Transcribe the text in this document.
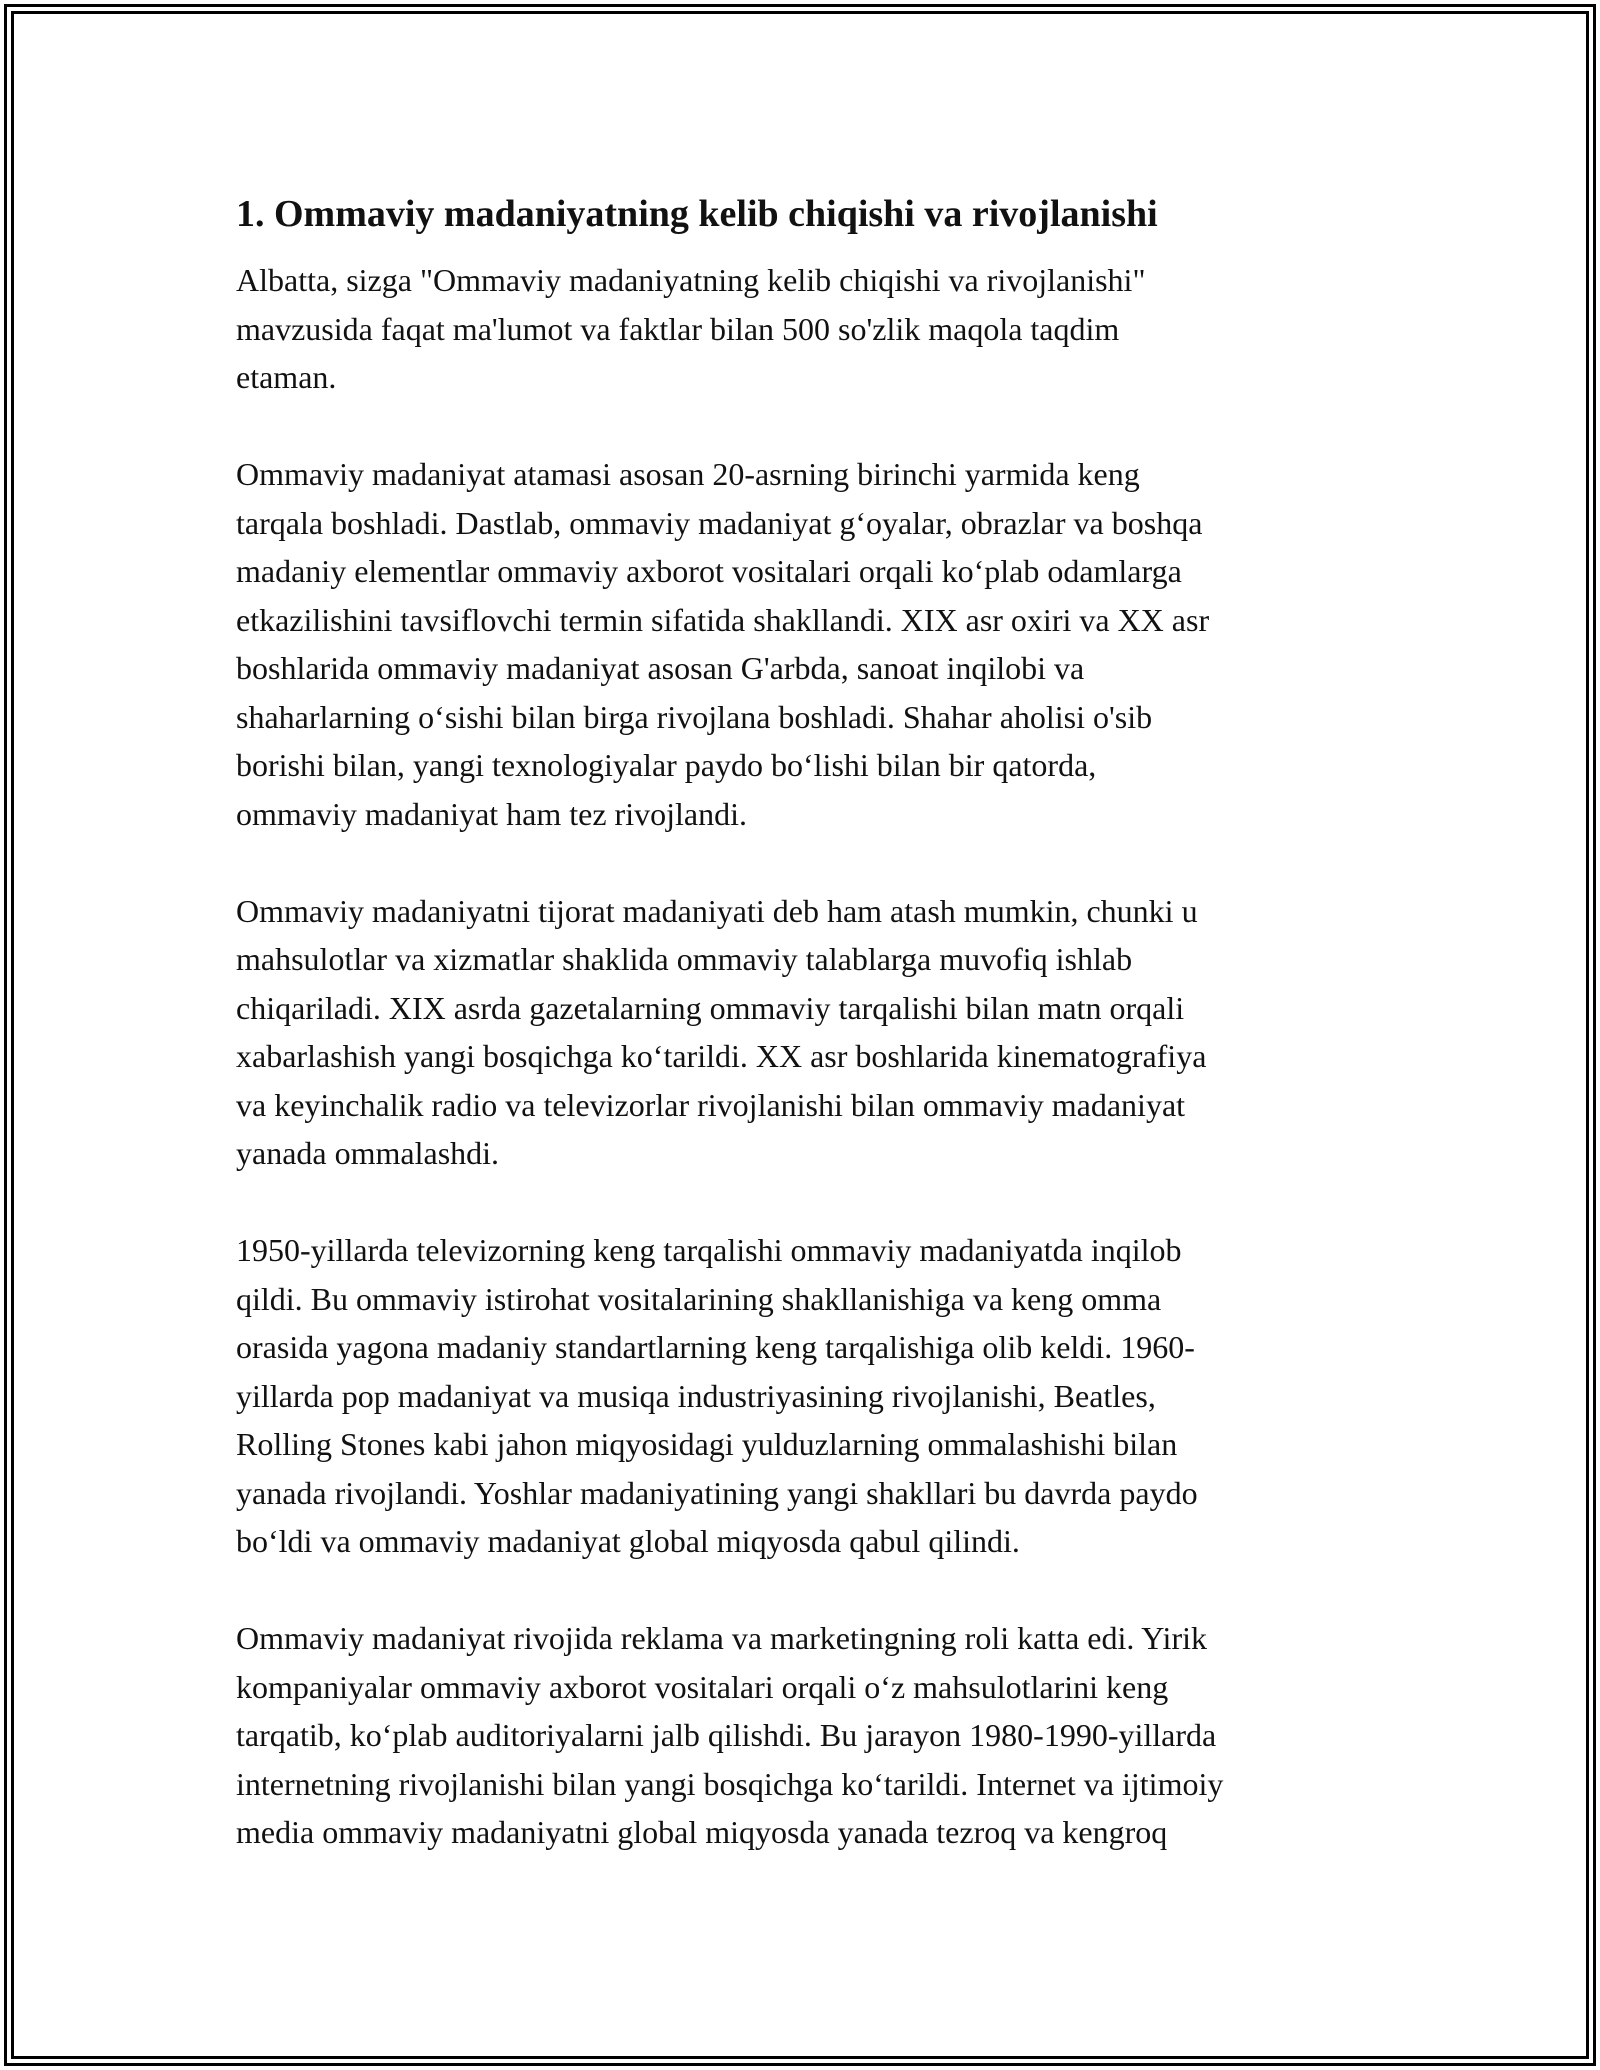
1. Ommaviy madaniyatning kelib chiqishi va rivojlanishi

Albatta, sizga "Ommaviy madaniyatning kelib chiqishi va rivojlanishi"
mavzusida faqat ma'lumot va faktlar bilan 500 so'zlik maqola taqdim
etaman.

Ommaviy madaniyat atamasi asosan 20-asrning birinchi yarmida keng
tarqala boshladi. Dastlab, ommaviy madaniyat g‘oyalar, obrazlar va boshqa
madaniy elementlar ommaviy axborot vositalari orqali ko‘plab odamlarga
etkazilishini tavsiflovchi termin sifatida shakllandi. XIX asr oxiri va XX asr
boshlarida ommaviy madaniyat asosan G'arbda, sanoat inqilobi va
shaharlarning o‘sishi bilan birga rivojlana boshladi. Shahar aholisi o'sib
borishi bilan, yangi texnologiyalar paydo bo‘lishi bilan bir qatorda,
ommaviy madaniyat ham tez rivojlandi.

Ommaviy madaniyatni tijorat madaniyati deb ham atash mumkin, chunki u
mahsulotlar va xizmatlar shaklida ommaviy talablarga muvofiq ishlab
chiqariladi. XIX asrda gazetalarning ommaviy tarqalishi bilan matn orqali
xabarlashish yangi bosqichga ko‘tarildi. XX asr boshlarida kinematografiya
va keyinchalik radio va televizorlar rivojlanishi bilan ommaviy madaniyat
yanada ommalashdi.

1950-yillarda televizorning keng tarqalishi ommaviy madaniyatda inqilob
qildi. Bu ommaviy istirohat vositalarining shakllanishiga va keng omma
orasida yagona madaniy standartlarning keng tarqalishiga olib keldi. 1960-
yillarda pop madaniyat va musiqa industriyasining rivojlanishi, Beatles,
Rolling Stones kabi jahon miqyosidagi yulduzlarning ommalashishi bilan
yanada rivojlandi. Yoshlar madaniyatining yangi shakllari bu davrda paydo
bo‘ldi va ommaviy madaniyat global miqyosda qabul qilindi.

Ommaviy madaniyat rivojida reklama va marketingning roli katta edi. Yirik
kompaniyalar ommaviy axborot vositalari orqali o‘z mahsulotlarini keng
tarqatib, ko‘plab auditoriyalarni jalb qilishdi. Bu jarayon 1980-1990-yillarda
internetning rivojlanishi bilan yangi bosqichga ko‘tarildi. Internet va ijtimoiy
media ommaviy madaniyatni global miqyosda yanada tezroq va kengroq
